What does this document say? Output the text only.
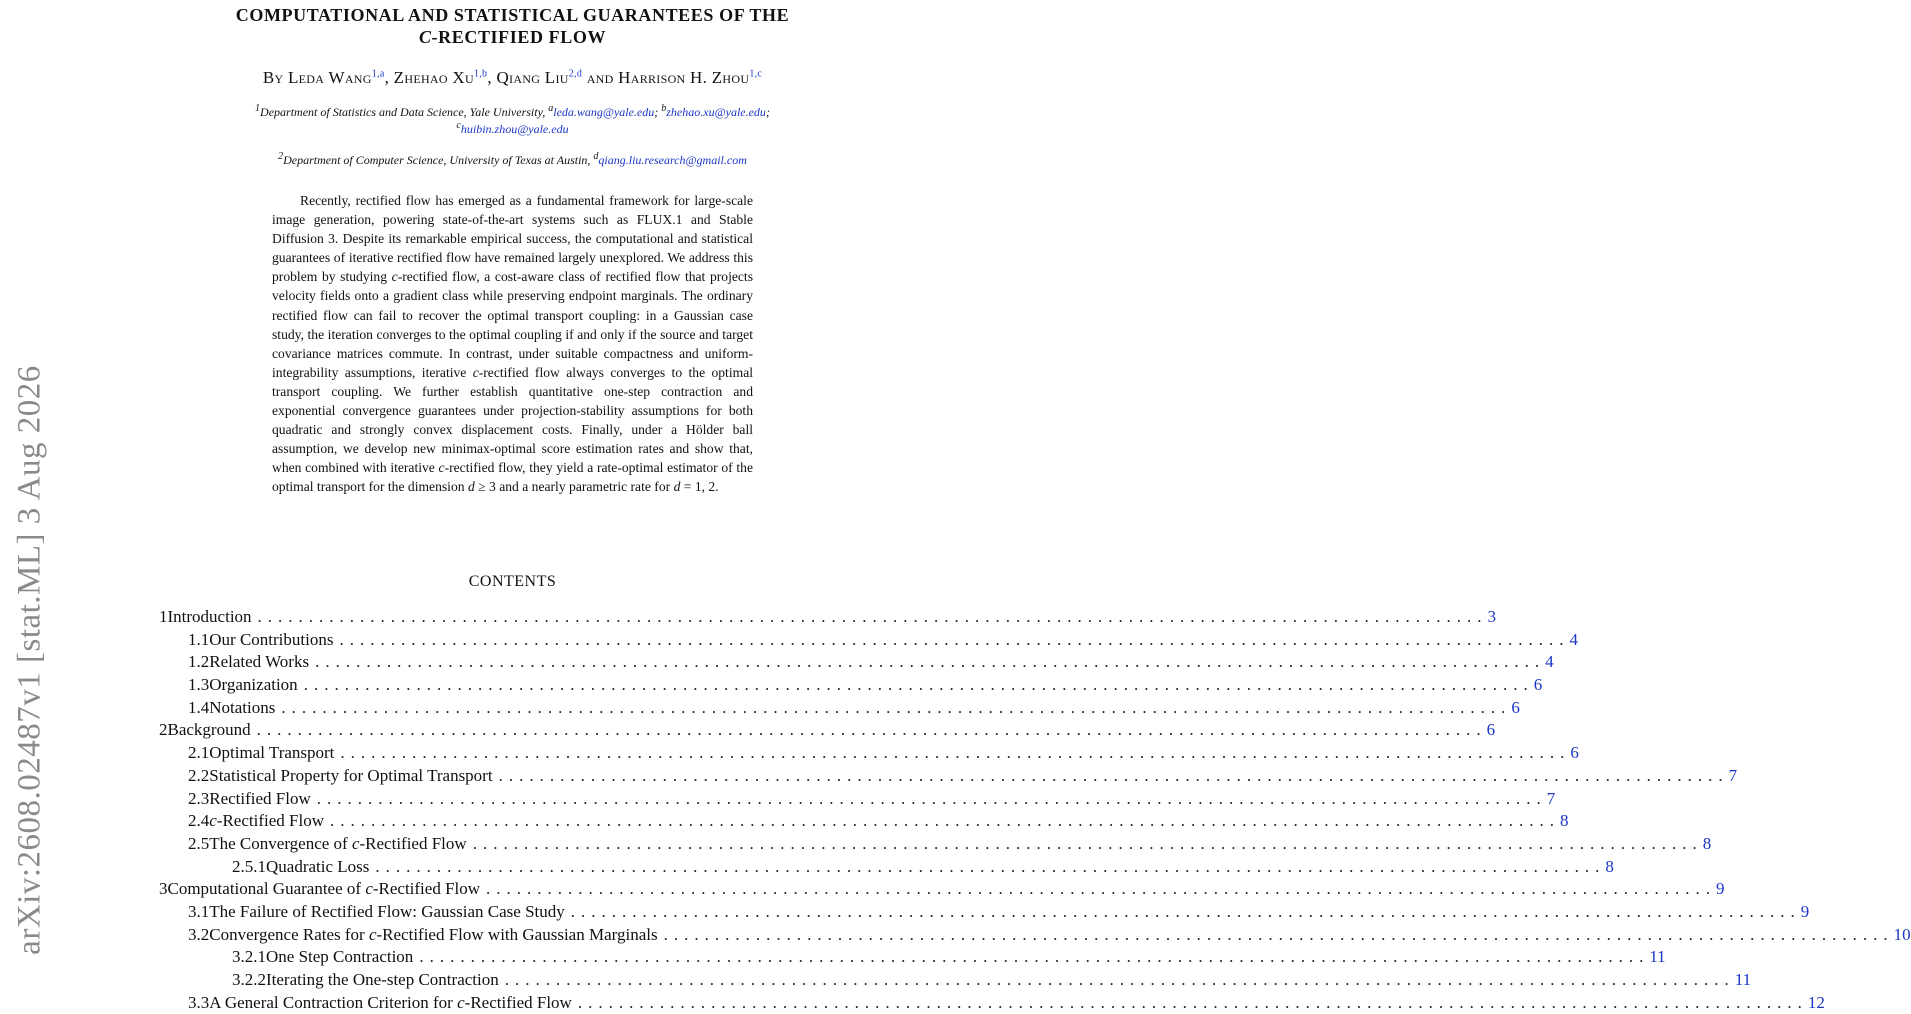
arXiv:2608.02487v1 [stat.ML] 3 Aug 2026
COMPUTATIONAL AND STATISTICAL GUARANTEES OF THE
C-RECTIFIED FLOW
By Leda Wang$^{1,a}$, Zhehao Xu$^{1,b}$, Qiang Liu$^{2,d}$ and Harrison H. Zhou$^{1,c}$
$^1$Department of Statistics and Data Science, Yale University, $^a$leda.wang@yale.edu; $^b$zhehao.xu@yale.edu;
$^c$huibin.zhou@yale.edu
$^2$Department of Computer Science, University of Texas at Austin, $^d$qiang.liu.research@gmail.com

Recently, rectified flow has emerged as a fundamental framework for large-scale image generation, powering state-of-the-art systems such as FLUX.1 and Stable Diffusion 3. Despite its remarkable empirical success, the computational and statistical guarantees of iterative rectified flow have remained largely unexplored. We address this problem by studying c-rectified flow, a cost-aware class of rectified flow that projects velocity fields onto a gradient class while preserving endpoint marginals. The ordinary rectified flow can fail to recover the optimal transport coupling: in a Gaussian case study, the iteration converges to the optimal coupling if and only if the source and target covariance matrices commute. In contrast, under suitable compactness and uniform-integrability assumptions, iterative c-rectified flow always converges to the optimal transport coupling. We further establish quantitative one-step contraction and exponential convergence guarantees under projection-stability assumptions for both quadratic and strongly convex displacement costs. Finally, under a Hölder ball assumption, we develop new minimax-optimal score estimation rates and show that, when combined with iterative c-rectified flow, they yield a rate-optimal estimator of the optimal transport for the dimension d ≥ 3 and a nearly parametric rate for d = 1, 2.

CONTENTS
1 Introduction ........................................................................................................................ 3
1.1 Our Contributions ........................................................................................................................ 4
1.2 Related Works ........................................................................................................................ 4
1.3 Organization ........................................................................................................................ 6
1.4 Notations ........................................................................................................................ 6
2 Background ........................................................................................................................ 6
2.1 Optimal Transport ........................................................................................................................ 6
2.2 Statistical Property for Optimal Transport ........................................................................................................................ 7
2.3 Rectified Flow ........................................................................................................................ 7
2.4 c-Rectified Flow ........................................................................................................................ 8
2.5 The Convergence of c-Rectified Flow ........................................................................................................................ 8
2.5.1 Quadratic Loss ........................................................................................................................ 8
3 Computational Guarantee of c-Rectified Flow ........................................................................................................................ 9
3.1 The Failure of Rectified Flow: Gaussian Case Study ........................................................................................................................ 9
3.2 Convergence Rates for c-Rectified Flow with Gaussian Marginals ........................................................................................................................ 10
3.2.1 One Step Contraction ........................................................................................................................ 11
3.2.2 Iterating the One-step Contraction ........................................................................................................................ 11
3.3 A General Contraction Criterion for c-Rectified Flow ........................................................................................................................ 12
